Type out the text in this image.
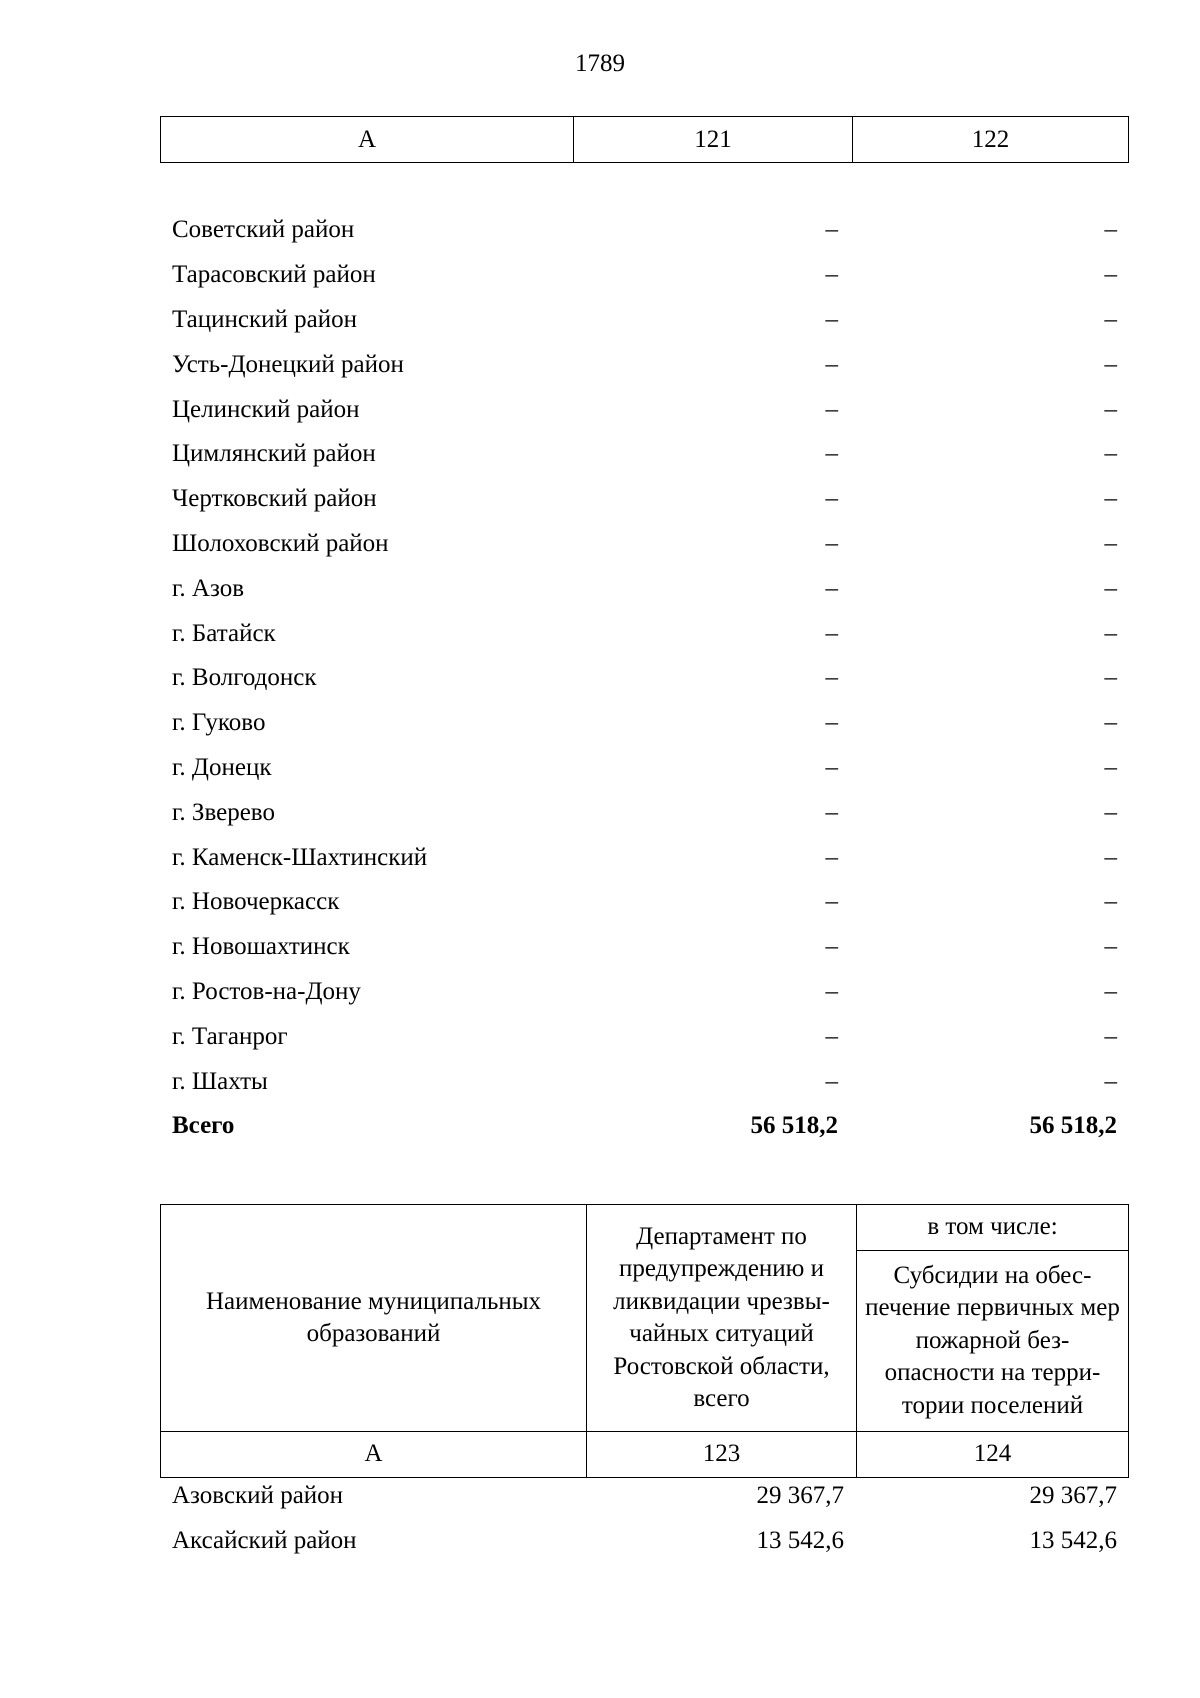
1789
А	121	122
Советский район	–	–
Тарасовский район	–	–
Тацинский район	–	–
Усть-Донецкий район	–	–
Целинский район	–	–
Цимлянский район	–	–
Чертковский район	–	–
Шолоховский район	–	–
г. Азов	–	–
г. Батайск	–	–
г. Волгодонск	–	–
г. Гуково	–	–
г. Донецк	–	–
г. Зверево	–	–
г. Каменск-Шахтинский	–	–
г. Новочеркасск	–	–
г. Новошахтинск	–	–
г. Ростов-на-Дону	–	–
г. Таганрог	–	–
г. Шахты	–	–
Всего	56 518,2	56 518,2
Наименование муниципальных образований	Департамент по предупреждению и ликвидации чрезвы-чайных ситуаций Ростовской области, всего	в том числе:
		Субсидии на обес-печение первичных мер пожарной без-опасности на терри-тории поселений
А	123	124
Азовский район	29 367,7	29 367,7
Аксайский район	13 542,6	13 542,6
